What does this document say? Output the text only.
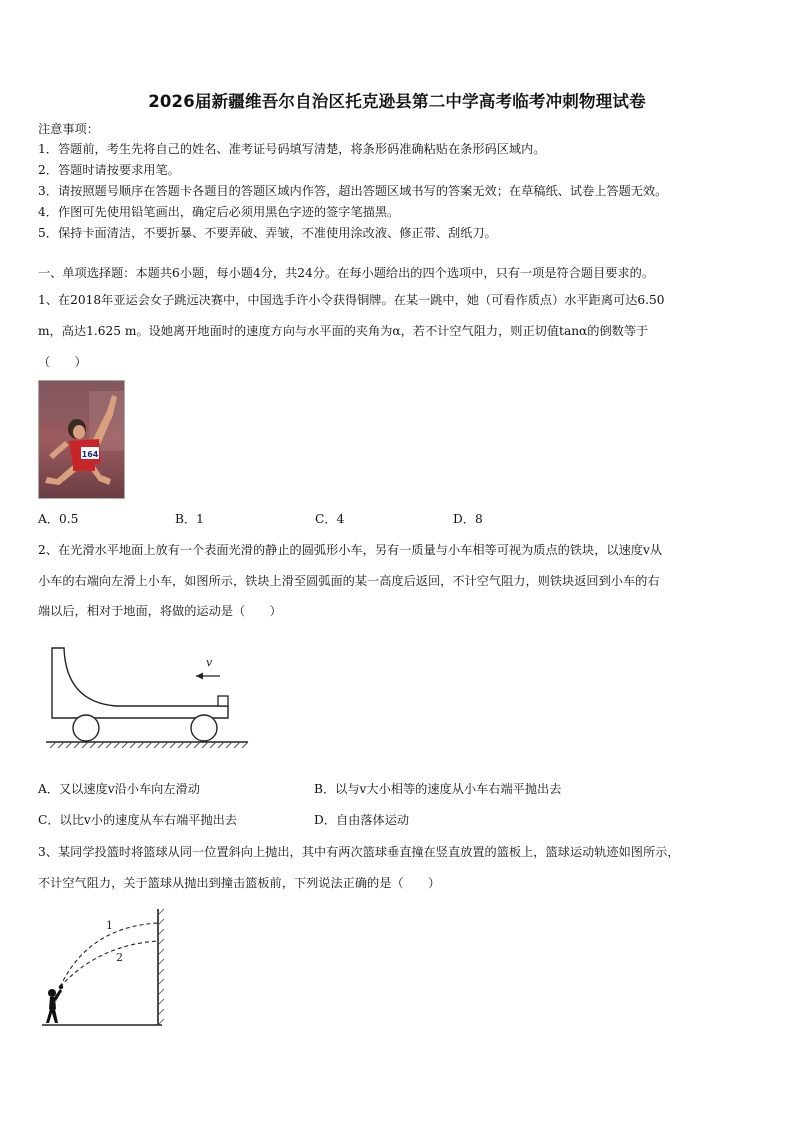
2026届新疆维吾尔自治区托克逊县第二中学高考临考冲刺物理试卷
注意事项：
1．答题前，考生先将自己的姓名、准考证号码填写清楚，将条形码准确粘贴在条形码区域内。
2．答题时请按要求用笔。
3．请按照题号顺序在答题卡各题目的答题区域内作答，超出答题区域书写的答案无效；在草稿纸、试卷上答题无效。
4．作图可先使用铅笔画出，确定后必须用黑色字迹的签字笔描黑。
5．保持卡面清洁，不要折暴、不要弄破、弄皱，不准使用涂改液、修正带、刮纸刀。
一、单项选择题：本题共6小题，每小题4分，共24分。在每小题给出的四个选项中，只有一项是符合题目要求的。
1、在2018年亚运会女子跳远决赛中，中国选手许小令获得铜牌。在某一跳中，她（可看作质点）水平距离可达6.50
m，高达1.625 m。设她离开地面时的速度方向与水平面的夹角为α，若不计空气阻力，则正切值tanα的倒数等于
（　　）
164
A．0.5	B．1	C．4	D．8
2、在光滑水平地面上放有一个表面光滑的静止的圆弧形小车，另有一质量与小车相等可视为质点的铁块，以速度v从
小车的右端向左滑上小车，如图所示，铁块上滑至圆弧面的某一高度后返回，不计空气阻力，则铁块返回到小车的右
端以后，相对于地面，将做的运动是（　　）
v
A．又以速度v沿小车向左滑动	B．以与v大小相等的速度从小车右端平抛出去
C．以比v小的速度从车右端平抛出去	D．自由落体运动
3、某同学投篮时将篮球从同一位置斜向上抛出，其中有两次篮球垂直撞在竖直放置的篮板上，篮球运动轨迹如图所示，
不计空气阻力，关于篮球从抛出到撞击篮板前，下列说法正确的是（　　）
1
2
